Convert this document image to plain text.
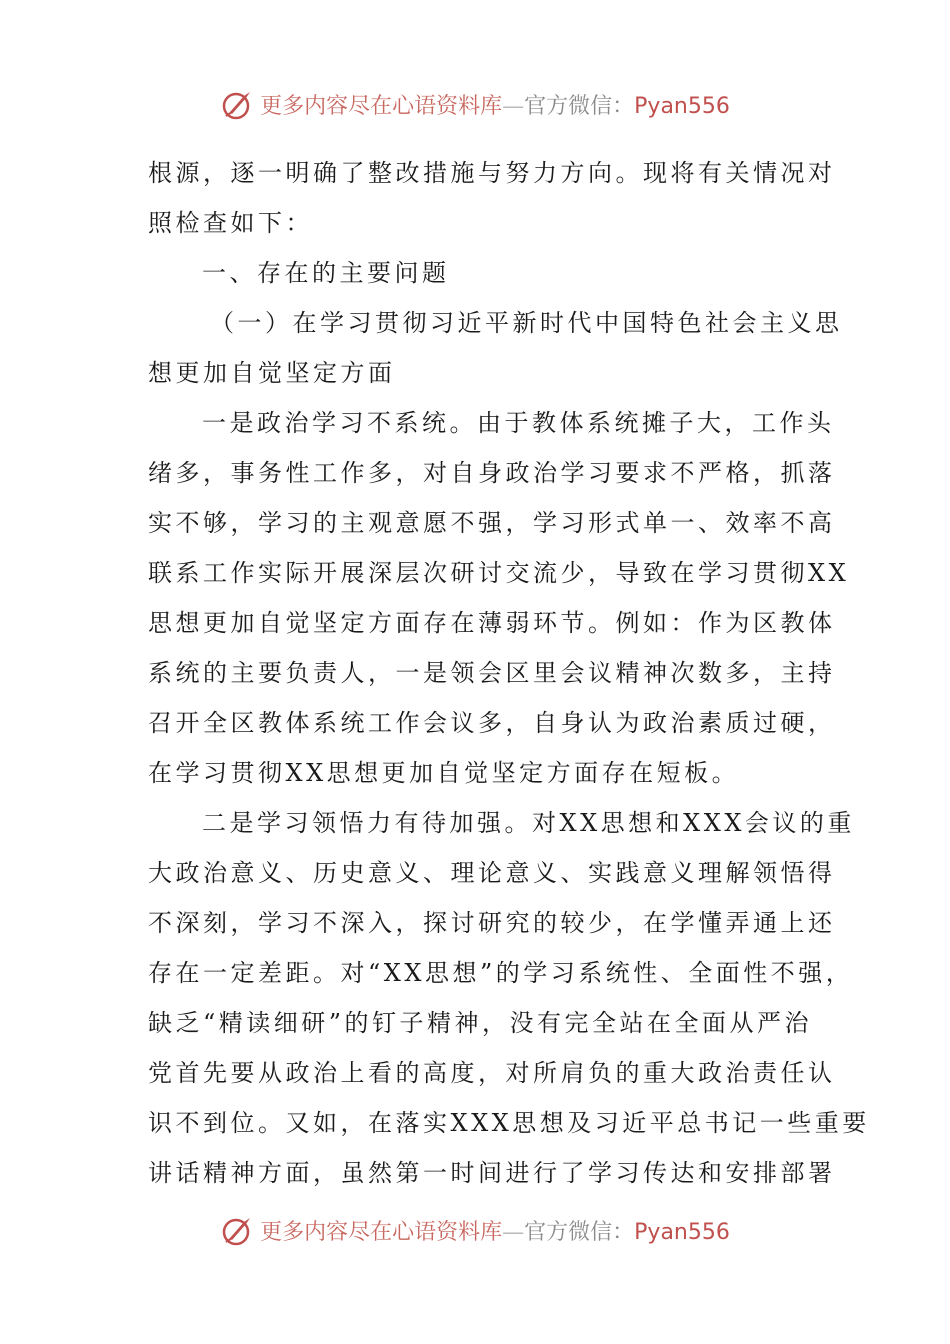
更多内容尽在心语资料库—官方微信：Pyan556
根源，逐一明确了整改措施与努力方向。现将有关情况对
照检查如下：
一、存在的主要问题
（一）在学习贯彻习近平新时代中国特色社会主义思
想更加自觉坚定方面
一是政治学习不系统。由于教体系统摊子大，工作头
绪多，事务性工作多，对自身政治学习要求不严格，抓落
实不够，学习的主观意愿不强，学习形式单一、效率不高
联系工作实际开展深层次研讨交流少，导致在学习贯彻XX
思想更加自觉坚定方面存在薄弱环节。例如：作为区教体
系统的主要负责人，一是领会区里会议精神次数多，主持
召开全区教体系统工作会议多，自身认为政治素质过硬，
在学习贯彻XX思想更加自觉坚定方面存在短板。
二是学习领悟力有待加强。对XX思想和XXX会议的重
大政治意义、历史意义、理论意义、实践意义理解领悟得
不深刻，学习不深入，探讨研究的较少，在学懂弄通上还
存在一定差距。对“XX思想”的学习系统性、全面性不强，
缺乏“精读细研”的钉子精神，没有完全站在全面从严治
党首先要从政治上看的高度，对所肩负的重大政治责任认
识不到位。又如，在落实XXX思想及习近平总书记一些重要
讲话精神方面，虽然第一时间进行了学习传达和安排部署
更多内容尽在心语资料库—官方微信：Pyan556
